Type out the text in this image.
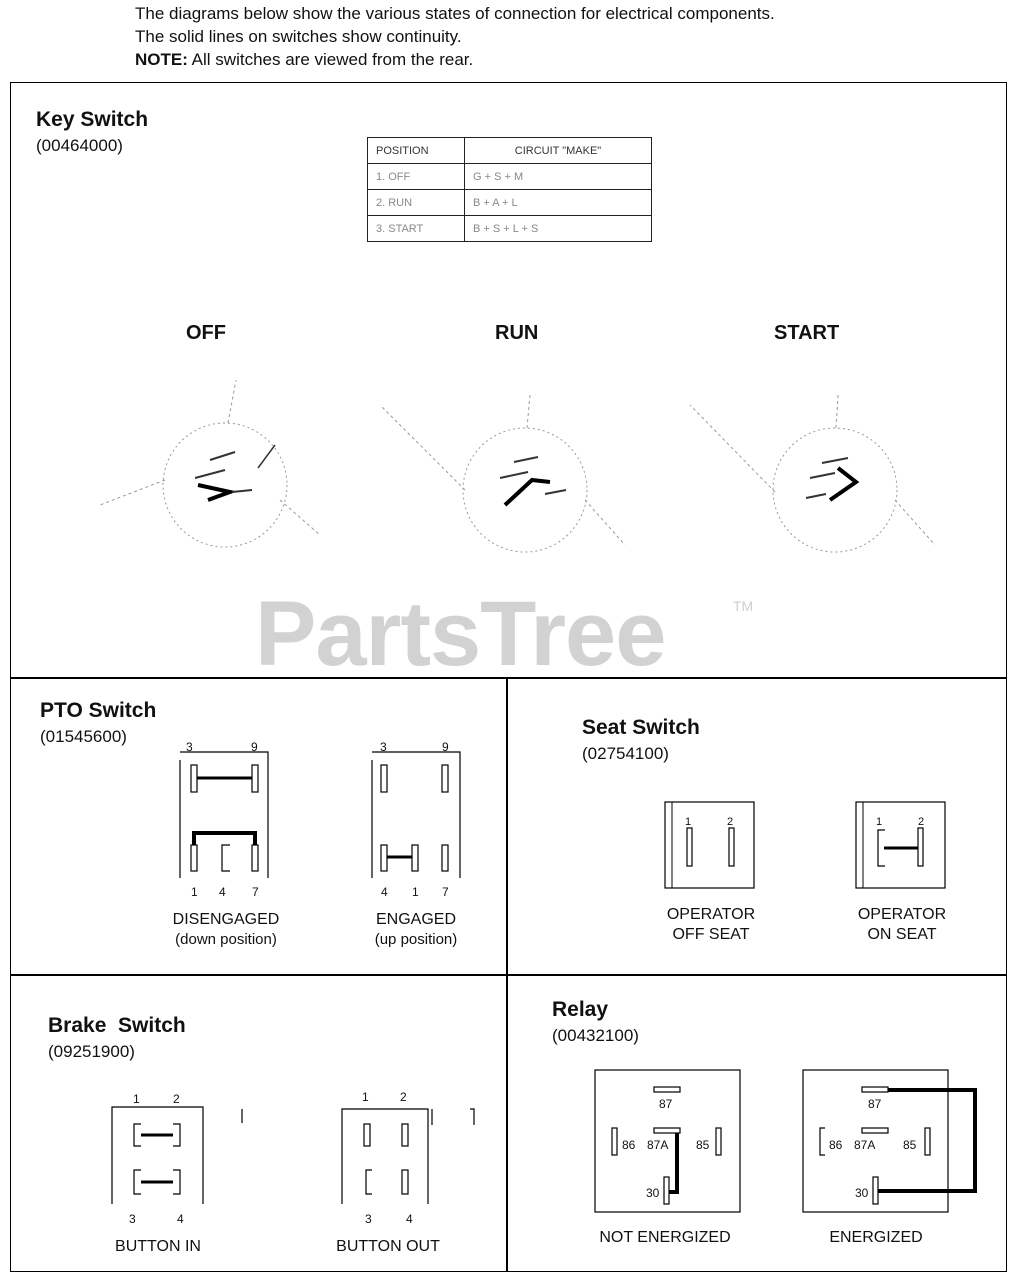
The diagrams below show the various states of connection for electrical components.
The solid lines on switches show continuity.
NOTE: All switches are viewed from the rear.
Key Switch
(00464000)	POSITION	CIRCUIT "MAKE"
1. OFF	G + S + M
2. RUN	B + A + L
3. START	B + S + L + S
OFF	RUN	START
PartsTree	TM
PTO Switch
(01545600)
3	9
1 4 7
DISENGAGED
(down position)
3	9
4 1 7
ENGAGED
(up position)
Seat Switch
(02754100)
1	2
OPERATOR
OFF SEAT
1	2
OPERATOR
ON SEAT
Brake  Switch
(09251900)
1	2
3	4
BUTTON IN
1	2
3	4
BUTTON OUT
Relay
(00432100)
87
86 87A 85
30
NOT ENERGIZED
87
86 87A 85
30
ENERGIZED
